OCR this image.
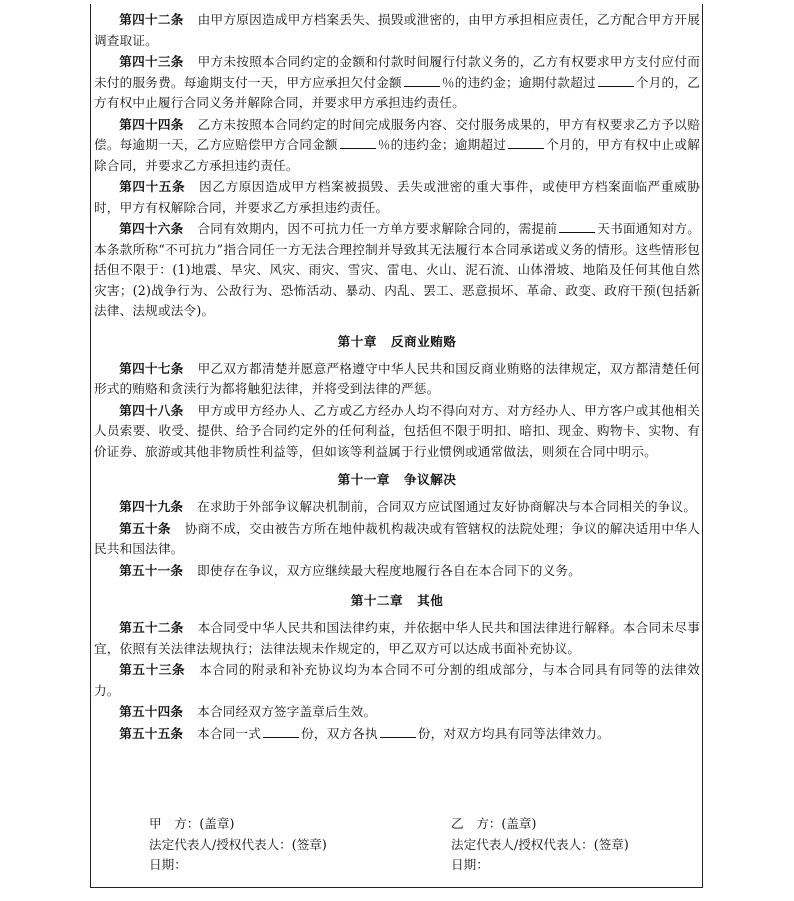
第四十二条 由甲方原因造成甲方档案丢失、损毁或泄密的，由甲方承担相应责任，乙方配合甲方开展调查取证。

第四十三条 甲方未按照本合同约定的金额和付款时间履行付款义务的，乙方有权要求甲方支付应付而未付的服务费。每逾期支付一天，甲方应承担欠付金额	％的违约金；逾期付款超过	个月的，乙方有权中止履行合同义务并解除合同，并要求甲方承担违约责任。

第四十四条 乙方未按照本合同约定的时间完成服务内容、交付服务成果的，甲方有权要求乙方予以赔偿。每逾期一天，乙方应赔偿甲方合同金额	％的违约金；逾期超过	个月的，甲方有权中止或解除合同，并要求乙方承担违约责任。

第四十五条 因乙方原因造成甲方档案被损毁、丢失或泄密的重大事件，或使甲方档案面临严重威胁时，甲方有权解除合同，并要求乙方承担违约责任。

第四十六条 合同有效期内，因不可抗力任一方单方要求解除合同的，需提前	天书面通知对方。本条款所称“不可抗力”指合同任一方无法合理控制并导致其无法履行本合同承诺或义务的情形。这些情形包括但不限于：(1)地震、旱灾、风灾、雨灾、雪灾、雷电、火山、泥石流、山体滑坡、地陷及任何其他自然灾害；(2)战争行为、公敌行为、恐怖活动、暴动、内乱、罢工、恶意损坏、革命、政变、政府干预(包括新法律、法规或法令)。

第十章 反商业贿赂

第四十七条 甲乙双方都清楚并愿意严格遵守中华人民共和国反商业贿赂的法律规定，双方都清楚任何形式的贿赂和贪渎行为都将触犯法律，并将受到法律的严惩。

第四十八条 甲方或甲方经办人、乙方或乙方经办人均不得向对方、对方经办人、甲方客户或其他相关人员索要、收受、提供、给予合同约定外的任何利益，包括但不限于明扣、暗扣、现金、购物卡、实物、有价证券、旅游或其他非物质性利益等，但如该等利益属于行业惯例或通常做法，则须在合同中明示。

第十一章 争议解决

第四十九条 在求助于外部争议解决机制前，合同双方应试图通过友好协商解决与本合同相关的争议。

第五十条 协商不成，交由被告方所在地仲裁机构裁决或有管辖权的法院处理；争议的解决适用中华人民共和国法律。

第五十一条 即使存在争议，双方应继续最大程度地履行各自在本合同下的义务。

第十二章 其他

第五十二条 本合同受中华人民共和国法律约束，并依据中华人民共和国法律进行解释。本合同未尽事宜，依照有关法律法规执行；法律法规未作规定的，甲乙双方可以达成书面补充协议。

第五十三条 本合同的附录和补充协议均为本合同不可分割的组成部分，与本合同具有同等的法律效力。

第五十四条 本合同经双方签字盖章后生效。

第五十五条 本合同一式	份，双方各执	份，对双方均具有同等法律效力。

甲　方：(盖章)
法定代表人/授权代表人：(签章)
日期：
乙　方：(盖章)
法定代表人/授权代表人：(签章)
日期：
